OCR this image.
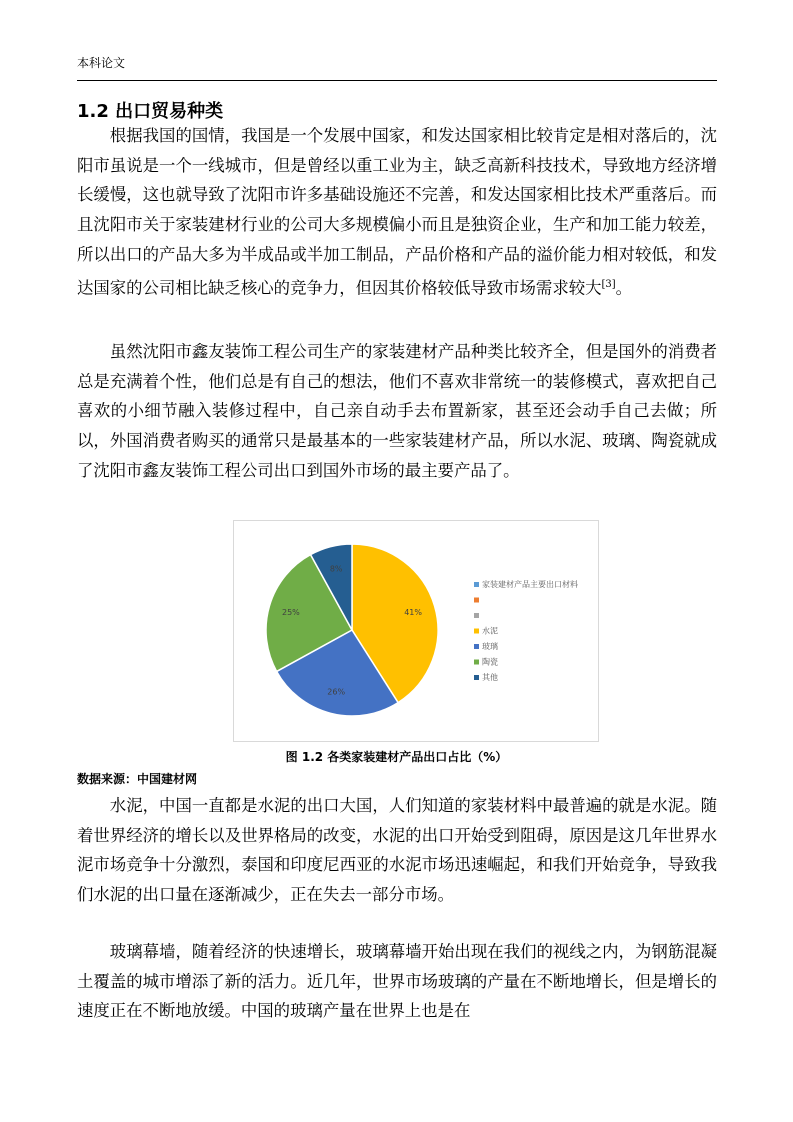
本科论文
1.2 出口贸易种类

根据我国的国情，我国是一个发展中国家，和发达国家相比较肯定是相对落后的，沈阳市虽说是一个一线城市，但是曾经以重工业为主，缺乏高新科技技术，导致地方经济增长缓慢，这也就导致了沈阳市许多基础设施还不完善，和发达国家相比技术严重落后。而且沈阳市关于家装建材行业的公司大多规模偏小而且是独资企业，生产和加工能力较差，所以出口的产品大多为半成品或半加工制品，产品价格和产品的溢价能力相对较低，和发达国家的公司相比缺乏核心的竞争力，但因其价格较低导致市场需求较大[3]。

虽然沈阳市鑫友装饰工程公司生产的家装建材产品种类比较齐全，但是国外的消费者总是充满着个性，他们总是有自己的想法，他们不喜欢非常统一的装修模式，喜欢把自己喜欢的小细节融入装修过程中，自己亲自动手去布置新家，甚至还会动手自己去做；所以，外国消费者购买的通常只是最基本的一些家装建材产品，所以水泥、玻璃、陶瓷就成了沈阳市鑫友装饰工程公司出口到国外市场的最主要产品了。

41%
26%
25%
8%
家装建材产品主要出口材料
水泥
玻璃
陶瓷
其他
图 1.2 各类家装建材产品出口占比（%）
数据来源：中国建材网

水泥，中国一直都是水泥的出口大国，人们知道的家装材料中最普遍的就是水泥。随着世界经济的增长以及世界格局的改变，水泥的出口开始受到阻碍，原因是这几年世界水泥市场竞争十分激烈，泰国和印度尼西亚的水泥市场迅速崛起，和我们开始竞争，导致我们水泥的出口量在逐渐减少，正在失去一部分市场。

玻璃幕墙，随着经济的快速增长，玻璃幕墙开始出现在我们的视线之内，为钢筋混凝土覆盖的城市增添了新的活力。近几年，世界市场玻璃的产量在不断地增长，但是增长的速度正在不断地放缓。中国的玻璃产量在世界上也是在
